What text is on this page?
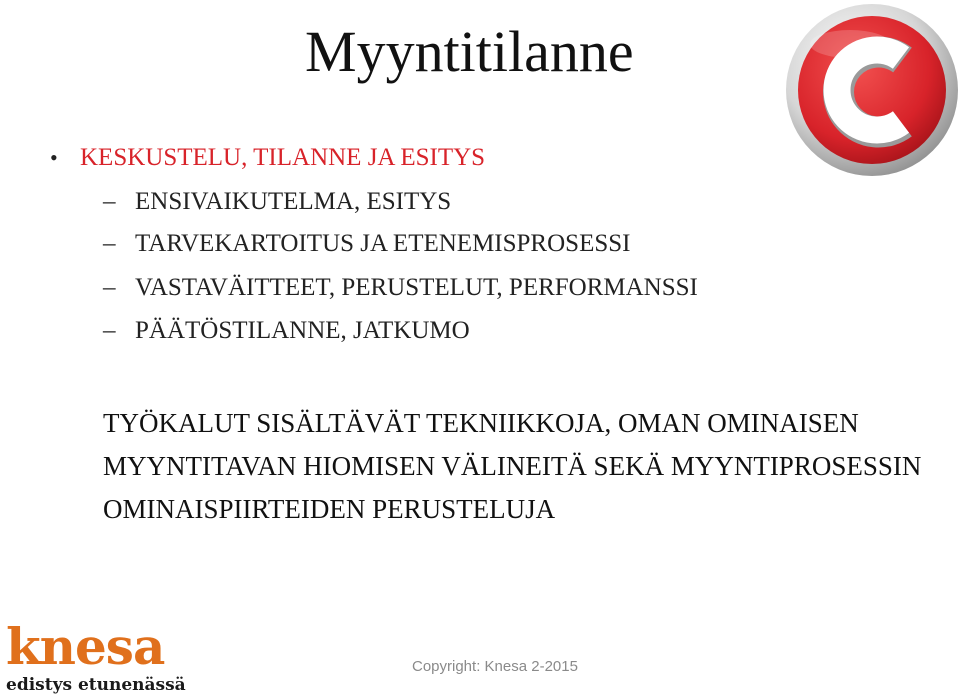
Myyntitilanne
• KESKUSTELU, TILANNE JA ESITYS
– ENSIVAIKUTELMA, ESITYS
– TARVEKARTOITUS JA ETENEMISPROSESSI
– VASTAVÄITTEET, PERUSTELUT, PERFORMANSSI
– PÄÄTÖSTILANNE, JATKUMO

TYÖKALUT SISÄLTÄVÄT TEKNIIKKOJA, OMAN OMINAISEN MYYNTITAVAN HIOMISEN VÄLINEITÄ SEKÄ MYYNTIPROSESSIN OMINAISPIIRTEIDEN PERUSTELUJA

knesa
edistys etunenässä
Copyright: Knesa 2-2015
